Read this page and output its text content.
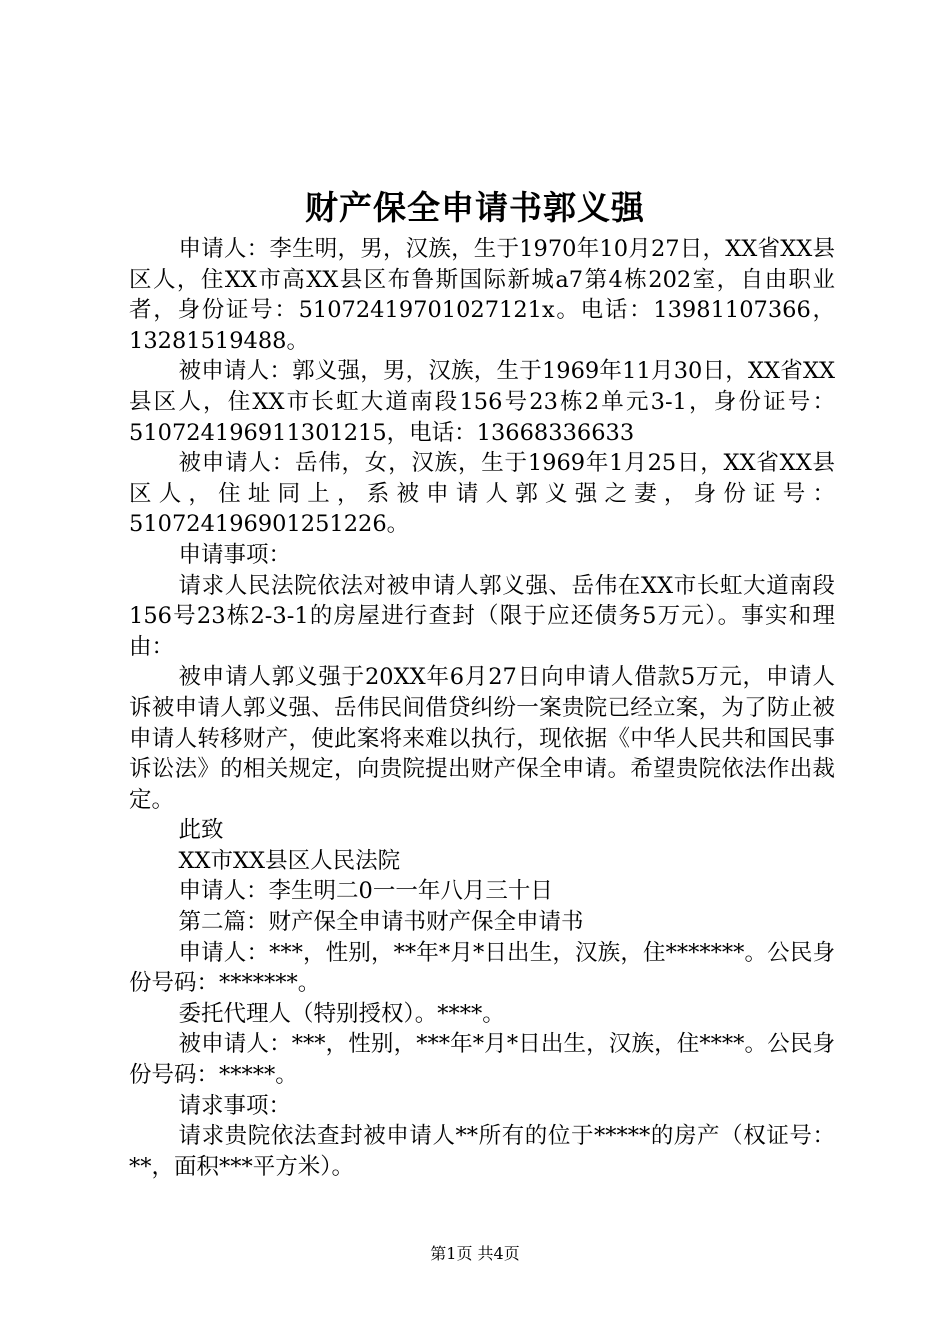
财产保全申请书郭义强

申请人：李生明，男，汉族，生于1970年10月27日，XX省XX县区人，住XX市高XX县区布鲁斯国际新城a7第4栋202室，自由职业者，身份证号：51072419701027121x。电话：13981107366，13281519488。

被申请人：郭义强，男，汉族，生于1969年11月30日，XX省XX县区人，住XX市长虹大道南段156号23栋2单元3-1，身份证号：510724196911301215，电话：13668336633

被申请人：岳伟，女，汉族，生于1969年1月25日，XX省XX县区人，住址同上，系被申请人郭义强之妻，身份证号：510724196901251226。

申请事项：

请求人民法院依法对被申请人郭义强、岳伟在XX市长虹大道南段156号23栋2-3-1的房屋进行查封（限于应还债务5万元）。事实和理由：

被申请人郭义强于20XX年6月27日向申请人借款5万元，申请人诉被申请人郭义强、岳伟民间借贷纠纷一案贵院已经立案，为了防止被申请人转移财产，使此案将来难以执行，现依据《中华人民共和国民事诉讼法》的相关规定，向贵院提出财产保全申请。希望贵院依法作出裁定。

此致

XX市XX县区人民法院

申请人：李生明二0一一年八月三十日

第二篇：财产保全申请书财产保全申请书

申请人：***，性别，**年*月*日出生，汉族，住*******。公民身份号码：*******。

委托代理人（特别授权）。****。

被申请人：***，性别，***年*月*日出生，汉族，住****。公民身份号码：*****。

请求事项：

请求贵院依法查封被申请人**所有的位于*****的房产（权证号：**，面积***平方米）。

第1页 共4页
